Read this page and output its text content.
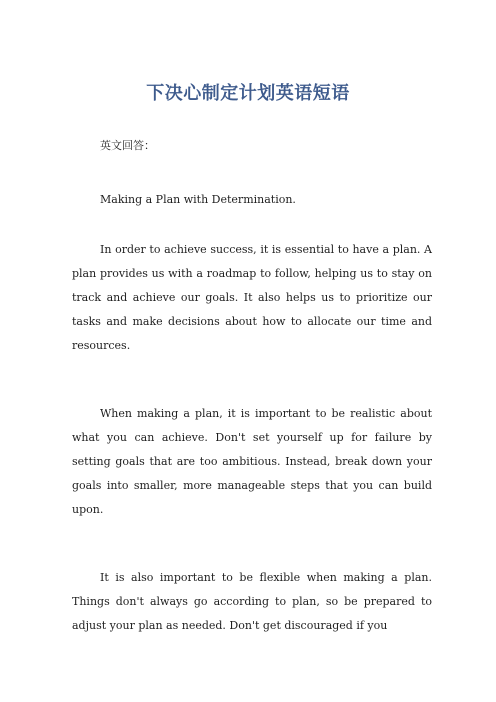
下决心制定计划英语短语

英文回答：

Making a Plan with Determination.

In order to achieve success, it is essential to have a plan. A plan provides us with a roadmap to follow, helping us to stay on track and achieve our goals. It also helps us to prioritize our tasks and make decisions about how to allocate our time and resources.

When making a plan, it is important to be realistic about what you can achieve. Don't set yourself up for failure by setting goals that are too ambitious. Instead, break down your goals into smaller, more manageable steps that you can build upon.

It is also important to be flexible when making a plan. Things don't always go according to plan, so be prepared to adjust your plan as needed. Don't get discouraged if you
